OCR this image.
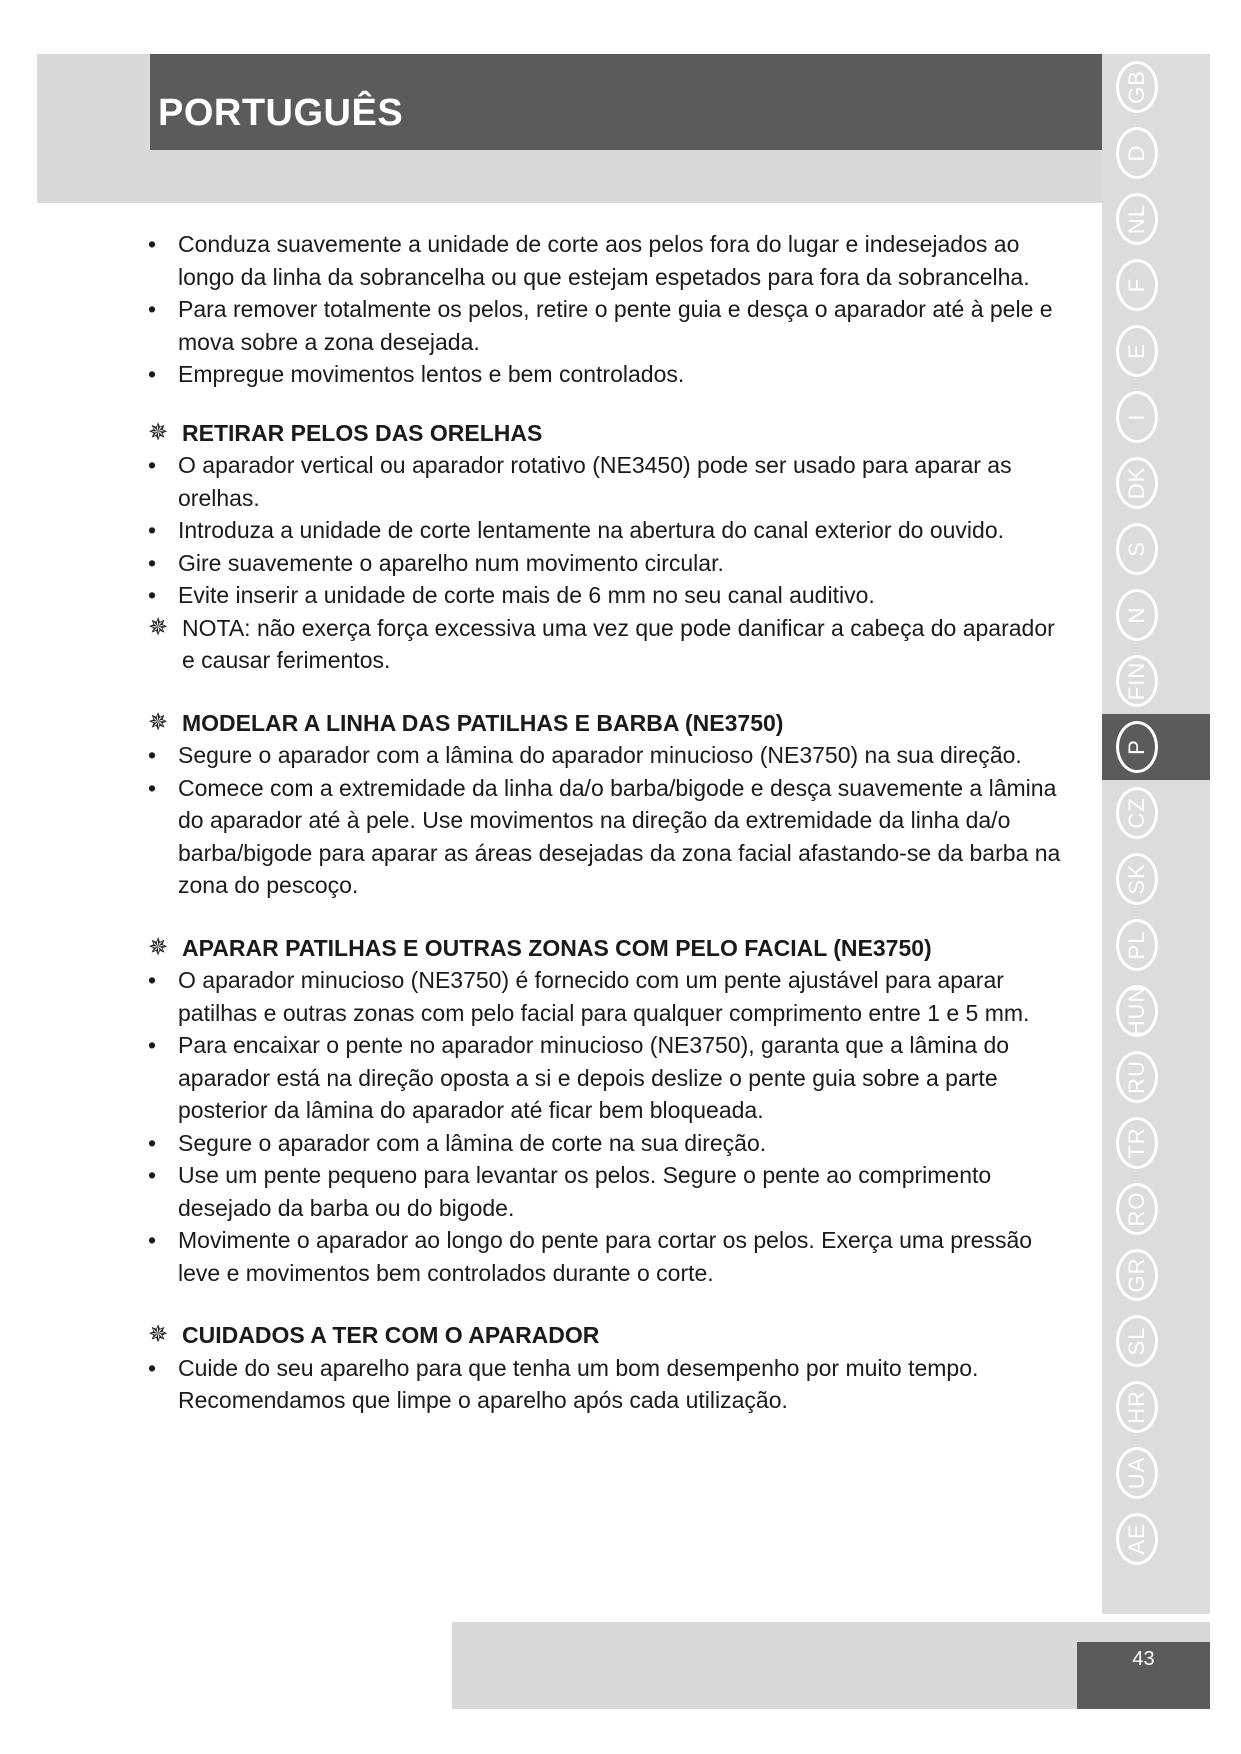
PORTUGUÊS
GB
D
NL
F
E
I
DK
S
N
FIN
P
CZ
SK
PL
HUN
RU
TR
RO
GR
SL
HR
UA
AE

• Conduza suavemente a unidade de corte aos pelos fora do lugar e indesejados ao longo da linha da sobrancelha ou que estejam espetados para fora da sobrancelha.

• Para remover totalmente os pelos, retire o pente guia e desça o aparador até à pele e mova sobre a zona desejada.

• Empregue movimentos lentos e bem controlados.

✵ RETIRAR PELOS DAS ORELHAS

• O aparador vertical ou aparador rotativo (NE3450) pode ser usado para aparar as orelhas.

• Introduza a unidade de corte lentamente na abertura do canal exterior do ouvido.

• Gire suavemente o aparelho num movimento circular.

• Evite inserir a unidade de corte mais de 6 mm no seu canal auditivo.

✵ NOTA: não exerça força excessiva uma vez que pode danificar a cabeça do aparador e causar ferimentos.

✵ MODELAR A LINHA DAS PATILHAS E BARBA (NE3750)

• Segure o aparador com a lâmina do aparador minucioso (NE3750) na sua direção.

• Comece com a extremidade da linha da/o barba/bigode e desça suavemente a lâmina do aparador até à pele. Use movimentos na direção da extremidade da linha da/o barba/bigode para aparar as áreas desejadas da zona facial afastando-se da barba na zona do pescoço.

✵ APARAR PATILHAS E OUTRAS ZONAS COM PELO FACIAL (NE3750)

• O aparador minucioso (NE3750) é fornecido com um pente ajustável para aparar patilhas e outras zonas com pelo facial para qualquer comprimento entre 1 e 5 mm.

• Para encaixar o pente no aparador minucioso (NE3750), garanta que a lâmina do aparador está na direção oposta a si e depois deslize o pente guia sobre a parte posterior da lâmina do aparador até ficar bem bloqueada.

• Segure o aparador com a lâmina de corte na sua direção.

• Use um pente pequeno para levantar os pelos. Segure o pente ao comprimento desejado da barba ou do bigode.

• Movimente o aparador ao longo do pente para cortar os pelos. Exerça uma pressão leve e movimentos bem controlados durante o corte.

✵ CUIDADOS A TER COM O APARADOR

• Cuide do seu aparelho para que tenha um bom desempenho por muito tempo. Recomendamos que limpe o aparelho após cada utilização.

43
